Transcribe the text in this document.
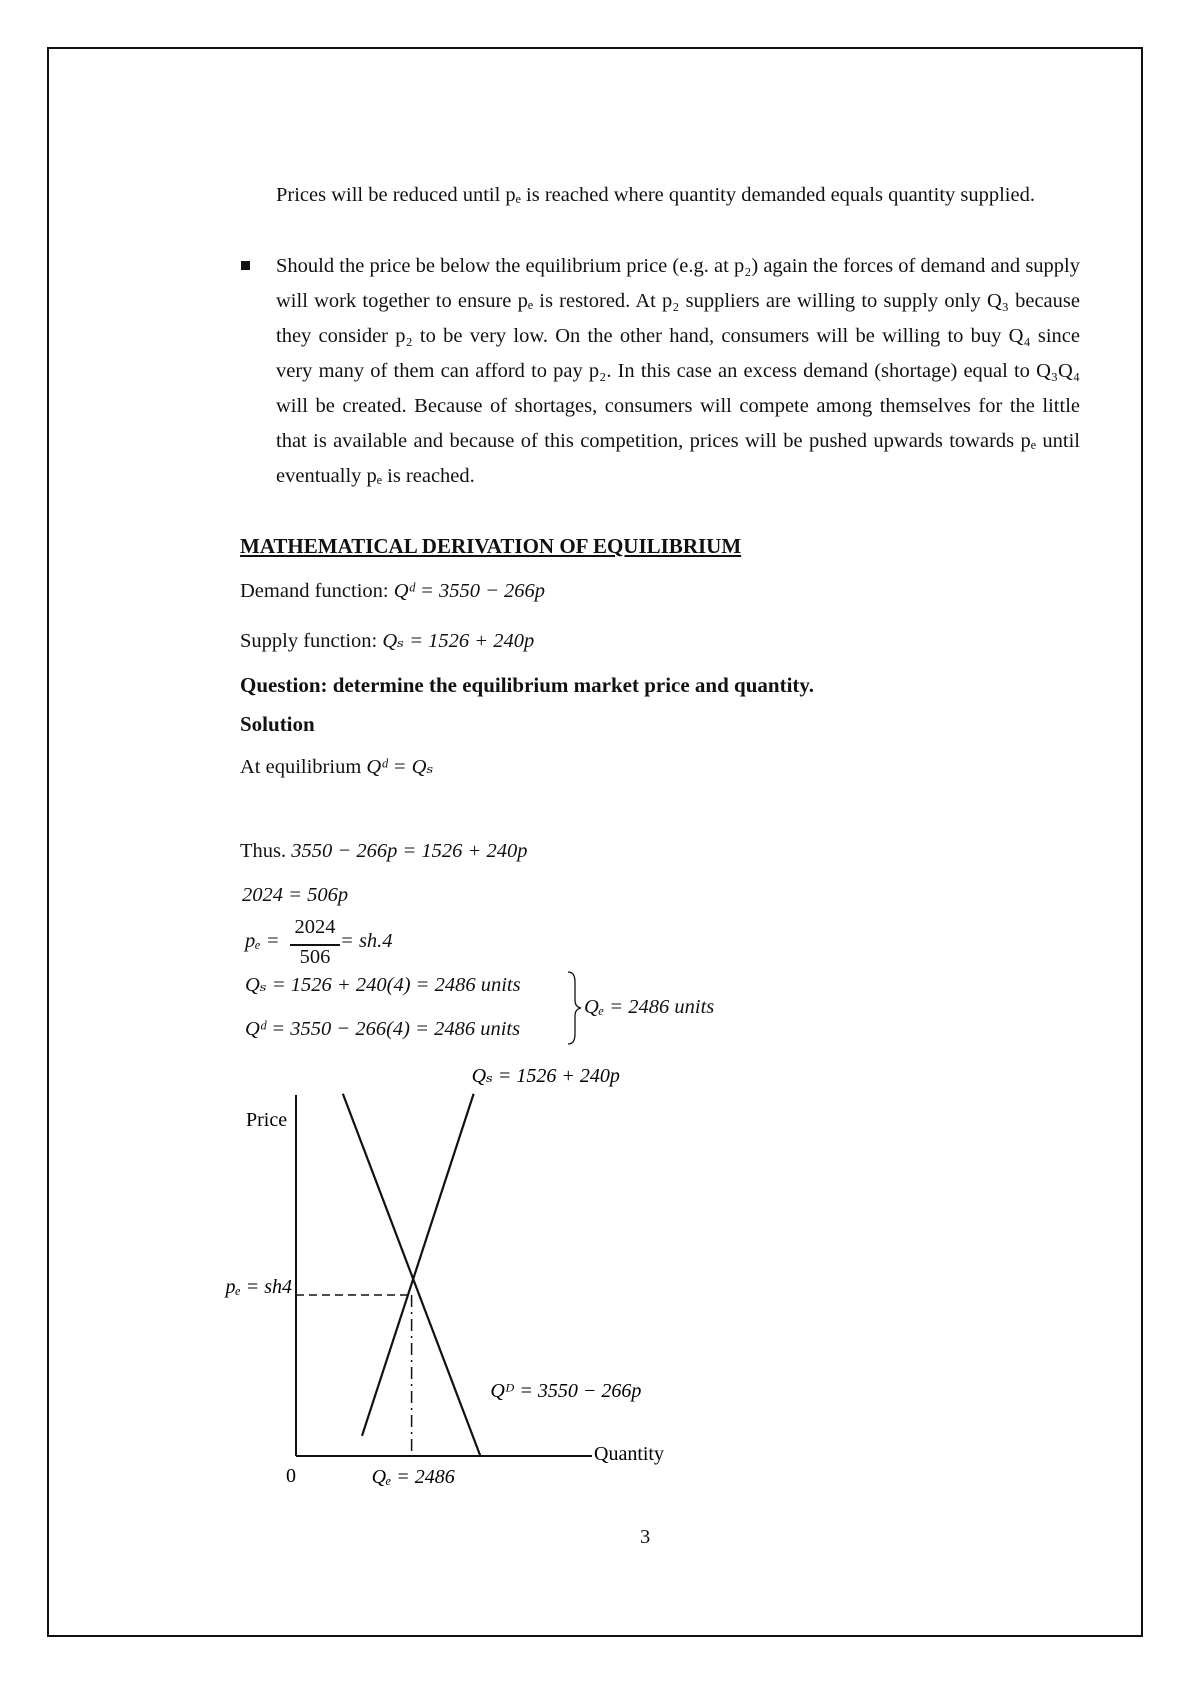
Prices will be reduced until pₑ is reached where quantity demanded equals quantity supplied.

Should the price be below the equilibrium price (e.g. at p₂) again the forces of demand and supply will work together to ensure pₑ is restored. At p₂ suppliers are willing to supply only Q₃ because they consider p₂ to be very low. On the other hand, consumers will be willing to buy Q₄ since very many of them can afford to pay p₂. In this case an excess demand (shortage) equal to Q₃Q₄ will be created. Because of shortages, consumers will compete among themselves for the little that is available and because of this competition, prices will be pushed upwards towards pₑ until eventually pₑ is reached.

MATHEMATICAL DERIVATION OF EQUILIBRIUM
Demand function: Qᵈ = 3550 − 266p
Supply function: Qₛ = 1526 + 240p
Question: determine the equilibrium market price and quantity.
Solution
At equilibrium Qᵈ = Qₛ
Thus. 3550 − 266p = 1526 + 240p
2024 = 506p
pₑ =
2024
506
= sh.4
Qₛ = 1526 + 240(4) = 2486 units
Qᵈ = 3550 − 266(4) = 2486 units
Qₑ = 2486 units
Price
Quantity
0	Qₑ = 2486
pₑ = sh4
Qₛ = 1526 + 240p
Qᴰ = 3550 − 266p
3
